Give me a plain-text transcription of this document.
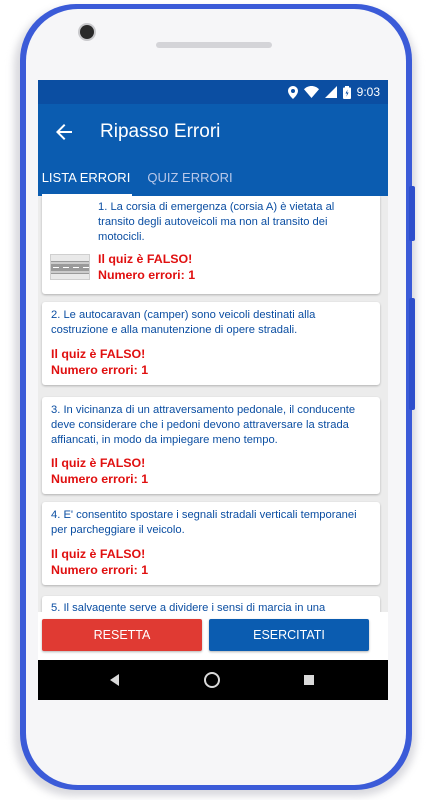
9:03
Ripasso Errori
LISTA ERRORI	QUIZ ERRORI
1. La corsia di emergenza (corsia A) è vietata al transito degli autoveicoli ma non al transito dei motocicli.
Il quiz è FALSO!
Numero errori: 1
2. Le autocaravan (camper) sono veicoli destinati alla costruzione e alla manutenzione di opere stradali.
Il quiz è FALSO!
Numero errori: 1
3. In vicinanza di un attraversamento pedonale, il conducente deve considerare che i pedoni devono attraversare la strada affiancati, in modo da impiegare meno tempo.
Il quiz è FALSO!
Numero errori: 1
4. E' consentito spostare i segnali stradali verticali temporanei per parcheggiare il veicolo.
Il quiz è FALSO!
Numero errori: 1
5. Il salvagente serve a dividere i sensi di marcia in una
RESETTA	ESERCITATI
